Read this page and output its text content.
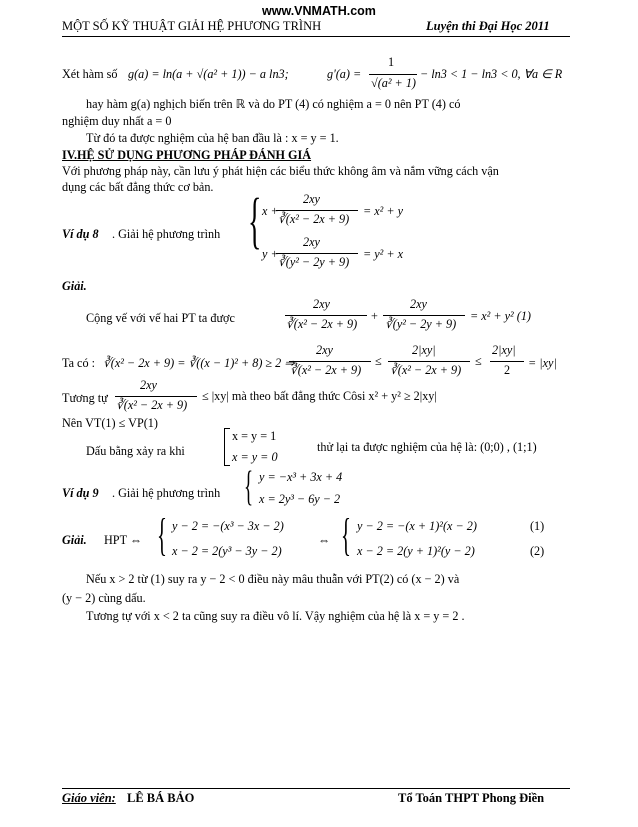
www.VNMATH.com
MỘT SỐ KỸ THUẬT GIẢI HỆ PHƯƠNG TRÌNH	Luyện thi Đại Học 2011
Xét hàm số g(a) = ln(a + √(a² + 1)) − a ln3;	g'(a) =
1
√(a² + 1)
− ln3 < 1 − ln3 < 0, ∀a ∈ R
hay hàm g(a) nghịch biến trên ℝ và do PT (4) có nghiệm a = 0 nên PT (4) có
nghiệm duy nhất a = 0
Từ đó ta được nghiệm của hệ ban đầu là : x = y = 1.
IV.HỆ SỬ DỤNG PHƯƠNG PHÁP ĐÁNH GIÁ
Với phương pháp này, cần lưu ý phát hiện các biểu thức không âm và nắm vững cách vận
dụng các bất đẳng thức cơ bản.
Ví dụ 8 . Giải hệ phương trình { x +
2xy
∛(x² − 2x + 9)
= x² + y
y +
2xy
∛(y² − 2y + 9)
= y² + x
Giải.
Cộng vế với vế hai PT ta được
2xy
∛(x² − 2x + 9)
+
2xy
∛(y² − 2y + 9)
= x² + y² (1)
Ta có : ∛(x² − 2x + 9) = ∛((x − 1)² + 8) ≥ 2 ⇒
2xy
∛(x² − 2x + 9)
≤
2|xy|
∛(x² − 2x + 9)
≤
2|xy|
2 = |xy|
Tương tự
2xy
∛(x² − 2x + 9)
≤ |xy| mà theo bất đẳng thức Côsi x² + y² ≥ 2|xy|
Nên VT(1) ≤ VP(1)
Dấu bằng xảy ra khi
x = y = 1
x = y = 0
thử lại ta được nghiệm của hệ là: (0;0) , (1;1)
Ví dụ 9 . Giải hệ phương trình { y = −x³ + 3x + 4
x = 2y³ − 6y − 2
Giải. HPT ⇔ { y − 2 = −(x³ − 3x − 2)
x − 2 = 2(y³ − 3y − 2)
⇔ { y − 2 = −(x + 1)²(x − 2)
x − 2 = 2(y + 1)²(y − 2)
(1)
(2)
Nếu x > 2 từ (1) suy ra y − 2 < 0 điều này mâu thuẫn với PT(2) có (x − 2) và
(y − 2) cùng dấu.
Tương tự với x < 2 ta cũng suy ra điều vô lí. Vậy nghiệm của hệ là x = y = 2 .
Giáo viên: LÊ BÁ BẢO	Tổ Toán THPT Phong Điền
